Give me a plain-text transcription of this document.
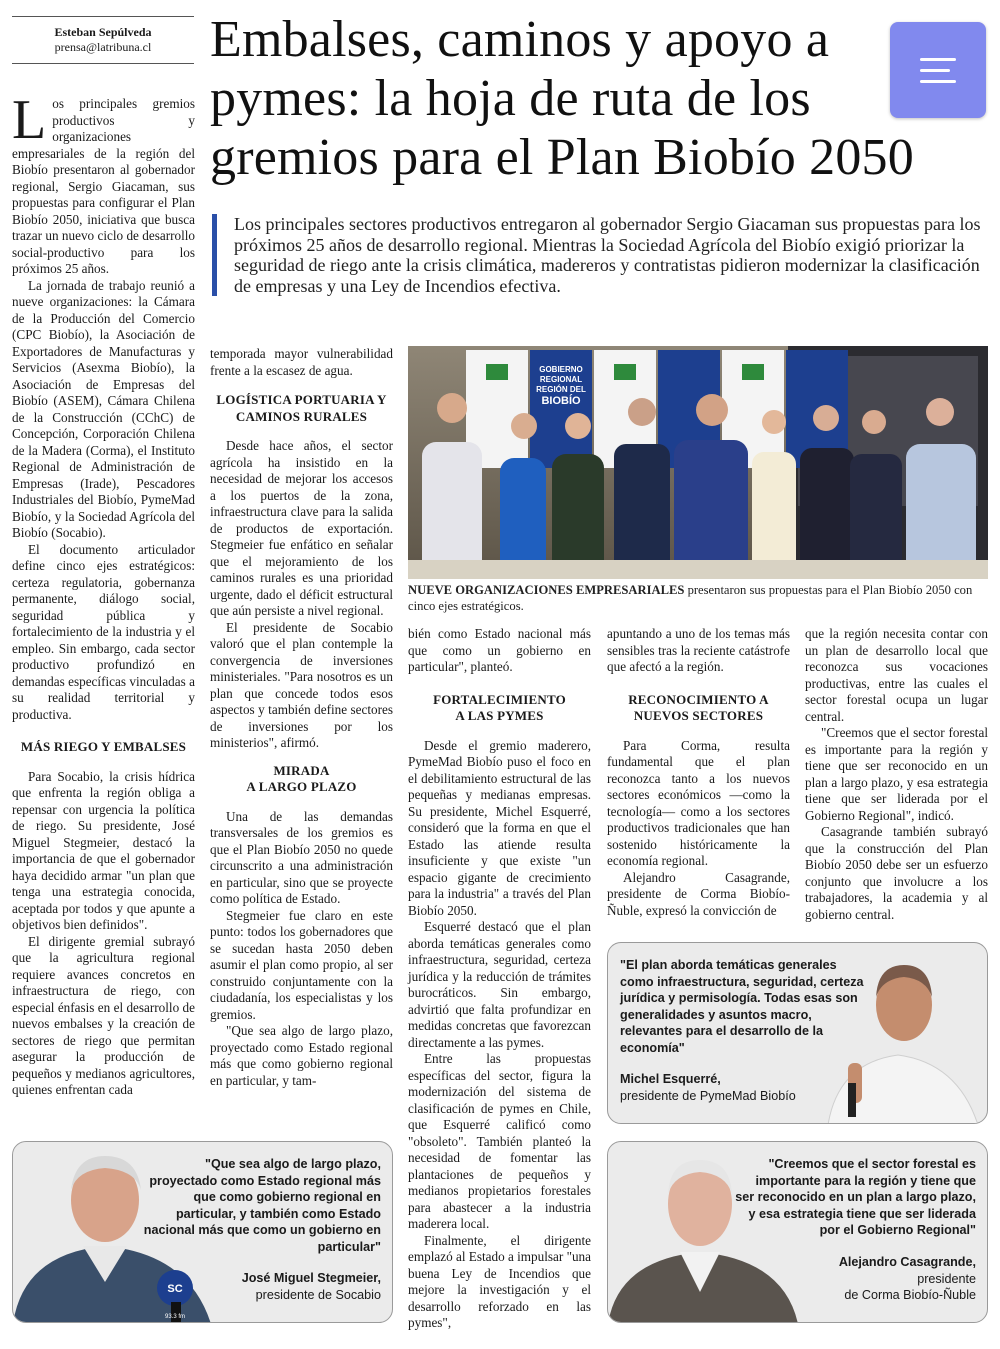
Esteban Sepúlveda
prensa@latribuna.cl	Embalses, caminos y apoyo a pymes: la hoja de ruta de los gremios para el Plan Biobío 2050
Los principales sectores productivos entregaron al gobernador Sergio Giacaman sus propuestas para los próximos 25 años de desarrollo regional. Mientras la Sociedad Agrícola del Biobío exigió priorizar la seguridad de riego ante la crisis climática, madereros y contratistas pidieron modernizar la clasificación de empresas y una Ley de Incendios efectiva.

Los principales gremios productivos y organizaciones empresariales de la región del Biobío presentaron al gobernador regional, Sergio Giacaman, sus propuestas para configurar el Plan Biobío 2050, iniciativa que busca trazar un nuevo ciclo de desarrollo social-productivo para los próximos 25 años.

La jornada de trabajo reunió a nueve organizaciones: la Cámara de la Producción del Comercio (CPC Biobío), la Asociación de Exportadores de Manufacturas y Servicios (Asexma Biobío), la Asociación de Empresas del Biobío (ASEM), Cámara Chilena de la Construcción (CChC) de Concepción, Corporación Chilena de la Madera (Corma), el Instituto Regional de Administración de Empresas (Irade), Pescadores Industriales del Biobío, PymeMad Biobío, y la Sociedad Agrícola del Biobío (Socabio).

El documento articulador define cinco ejes estratégicos: certeza regulatoria, gobernanza permanente, diálogo social, seguridad pública y fortalecimiento de la industria y el empleo. Sin embargo, cada sector productivo profundizó en demandas específicas vinculadas a su realidad territorial y productiva.

MÁS RIEGO Y EMBALSES

Para Socabio, la crisis hídrica que enfrenta la región obliga a repensar con urgencia la política de riego. Su presidente, José Miguel Stegmeier, destacó la importancia de que el gobernador haya decidido armar "un plan que tenga una estrategia conocida, aceptada por todos y que apunte a objetivos bien definidos".

El dirigente gremial subrayó que la agricultura regional requiere avances concretos en infraestructura de riego, con especial énfasis en el desarrollo de nuevos embalses y la creación de sectores de riego que permitan asegurar la producción de pequeños y medianos agricultores, quienes enfrentan cada

temporada mayor vulnerabilidad frente a la escasez de agua.

LOGÍSTICA PORTUARIA Y CAMINOS RURALES

Desde hace años, el sector agrícola ha insistido en la necesidad de mejorar los accesos a los puertos de la zona, infraestructura clave para la salida de productos de exportación. Stegmeier fue enfático en señalar que el mejoramiento de los caminos rurales es una prioridad urgente, dado el déficit estructural que aún persiste a nivel regional.

El presidente de Socabio valoró que el plan contemple la convergencia de inversiones ministeriales. "Para nosotros es un plan que concede todos esos aspectos y también define sectores de inversiones por los ministerios", afirmó.

MIRADA
A LARGO PLAZO

Una de las demandas transversales de los gremios es que el Plan Biobío 2050 no quede circunscrito a una administración en particular, sino que se proyecte como política de Estado.

Stegmeier fue claro en este punto: todos los gobernadores que se sucedan hasta 2050 deben asumir el plan como propio, al ser construido conjuntamente con la ciudadanía, los especialistas y los gremios.

"Que sea algo de largo plazo, proyectado como Estado regional más que como gobierno regional en particular, y tam-

GOBIERNO
REGIONAL
REGIÓN DEL
BIOBÍO
NUEVE ORGANIZACIONES EMPRESARIALES presentaron sus propuestas para el Plan Biobío 2050 con cinco ejes estratégicos.

bién como Estado nacional más que como un gobierno en particular", planteó.

FORTALECIMIENTO
A LAS PYMES

Desde el gremio maderero, PymeMad Biobío puso el foco en el debilitamiento estructural de las pequeñas y medianas empresas. Su presidente, Michel Esquerré, consideró que la forma en que el Estado las atiende resulta insuficiente y que existe "un espacio gigante de crecimiento para la industria" a través del Plan Biobío 2050.

Esquerré destacó que el plan aborda temáticas generales como infraestructura, seguridad, certeza jurídica y la reducción de trámites burocráticos. Sin embargo, advirtió que falta profundizar en medidas concretas que favorezcan directamente a las pymes.

Entre las propuestas específicas del sector, figura la modernización del sistema de clasificación de pymes en Chile, que Esquerré calificó como "obsoleto". También planteó la necesidad de fomentar las plantaciones de pequeños y medianos propietarios forestales para abastecer a la industria maderera local.

Finalmente, el dirigente emplazó al Estado a impulsar "una buena Ley de Incendios que mejore la investigación y el desarrollo reforzado en las pymes",

apuntando a uno de los temas más sensibles tras la reciente catástrofe que afectó a la región.

RECONOCIMIENTO A
NUEVOS SECTORES

Para Corma, resulta fundamental que el plan reconozca tanto a los nuevos sectores económicos —como la tecnología— como a los sectores productivos tradicionales que han sostenido históricamente la economía regional.

Alejandro Casagrande, presidente de Corma Biobío-Ñuble, expresó la convicción de

que la región necesita contar con un plan de desarrollo local que reconozca sus vocaciones productivas, entre las cuales el sector forestal ocupa un lugar central.

"Creemos que el sector forestal es importante para la región y tiene que ser reconocido en un plan a largo plazo, y esa estrategia tiene que ser liderada por el Gobierno Regional", indicó.

Casagrande también subrayó que la construcción del Plan Biobío 2050 debe ser un esfuerzo conjunto que involucre a los trabajadores, la academia y al gobierno central.

"El plan aborda temáticas generales como infraestructura, seguridad, certeza jurídica y permisología. Todas esas son generalidades y asuntos macro, relevantes para el desarrollo de la economía"
Michel Esquerré,
presidente de PymeMad Biobío
SC
93.3 fm
"Que sea algo de largo plazo, proyectado como Estado regional más que como gobierno regional en particular, y también como Estado nacional más que como un gobierno en particular"
José Miguel Stegmeier,
presidente de Socabio
"Creemos que el sector forestal es importante para la región y tiene que ser reconocido en un plan a largo plazo, y esa estrategia tiene que ser liderada por el Gobierno Regional"
Alejandro Casagrande,
presidente
de Corma Biobío-Ñuble
